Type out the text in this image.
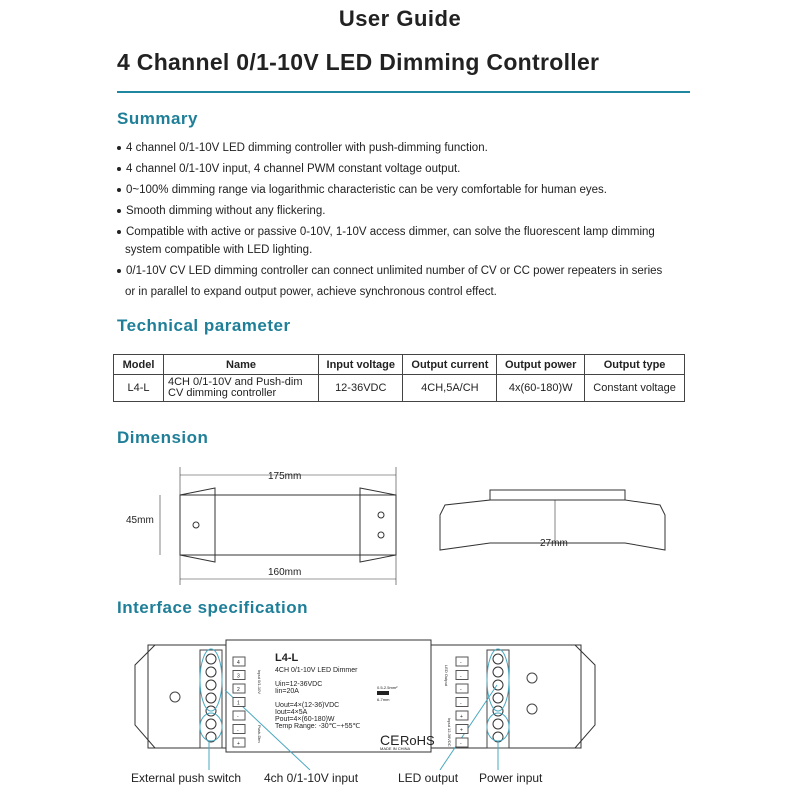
User Guide
4 Channel 0/1-10V LED Dimming Controller
Summary
4 channel 0/1-10V LED dimming controller with push-dimming function.
4 channel 0/1-10V input, 4 channel PWM constant voltage output.
0~100% dimming range via logarithmic characteristic can be very comfortable for human eyes.
Smooth dimming without any flickering.
Compatible with active or passive 0-10V, 1-10V access dimmer, can solve the fluorescent lamp dimming
system compatible with LED lighting.
0/1-10V CV LED dimming controller can connect unlimited number of CV or CC power repeaters in series
or in parallel to expand output power, achieve synchronous control effect.
Technical parameter
Model	Name	Input voltage	Output current	Output power	Output type
L4-L	4CH 0/1-10V and Push-dim
CV dimming controller	12-36VDC	4CH,5A/CH	4x(60-180)W	Constant voltage
Dimension
175mm
45mm
160mm
27mm
Interface specification
L4-L
4CH 0/1-10V LED Dimmer
Uin=12-36VDC
Iin=20A
Uout=4×(12-36)VDC
Iout=4×5A
Pout=4×(60-180)W
Temp Range: -30℃~+55℃
0.5-2.5mm²
6-7mm
CE RoHS
MADE IN CHINA
Input 0/1-10V
Push-Dim
LED Output
Input 12-36VDC
4
3
2
1
-
-
+
-
-
-
-
+
+
-
External push switch 4ch 0/1-10V input	LED output Power input
